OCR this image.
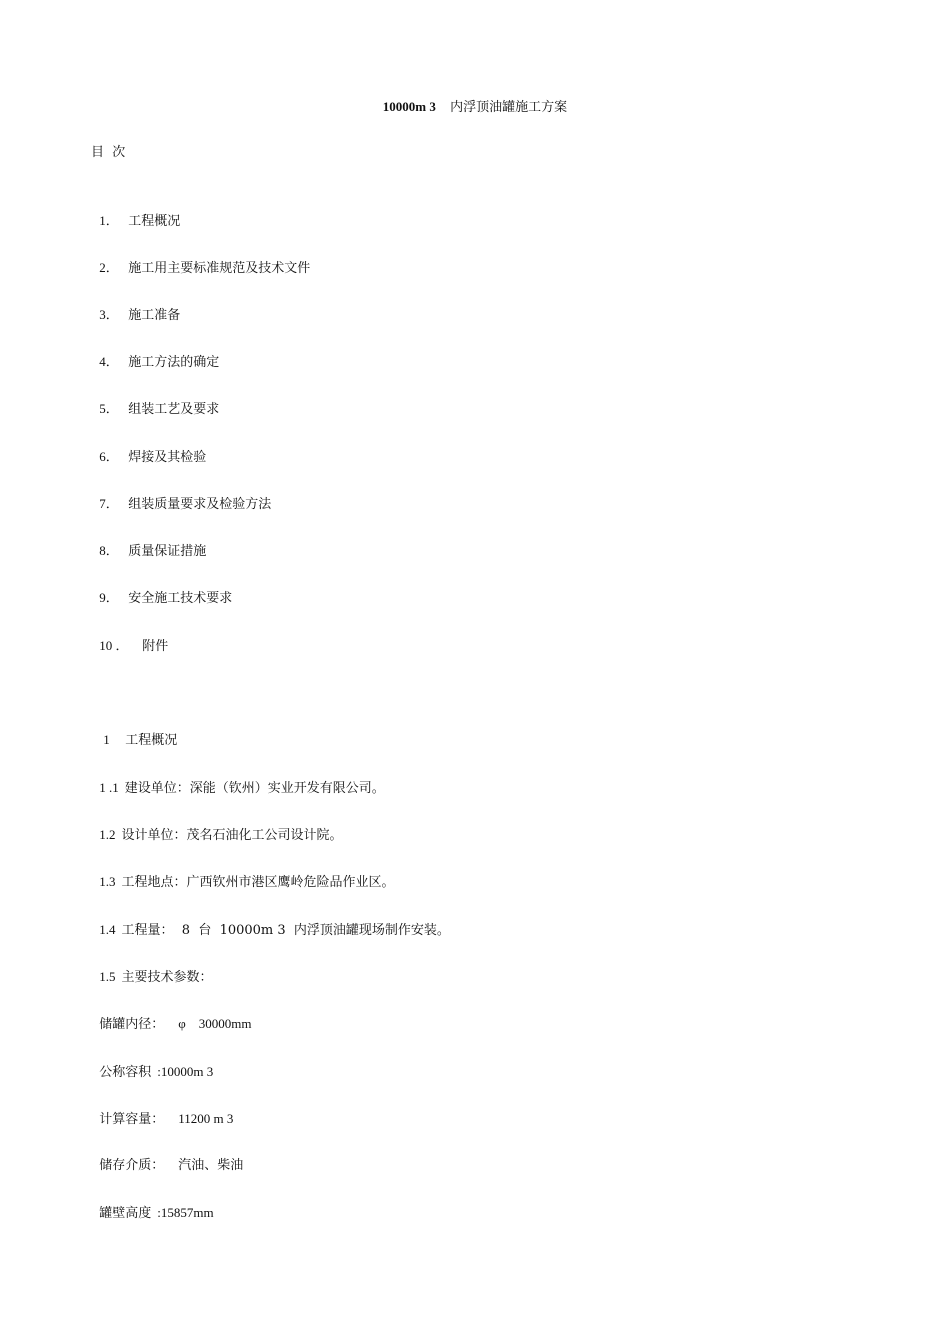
10000m 3 内浮顶油罐施工方案
目  次

1． 工程概况

2． 施工用主要标准规范及技术文件

3． 施工准备

4． 施工方法的确定

5． 组装工艺及要求

6． 焊接及其检验

7． 组装质量要求及检验方法

8． 质量保证措施

9． 安全施工技术要求

10 ． 附件

1 工程概况

1 .1 建设单位：深能（钦州）实业开发有限公司。

1.2 设计单位：茂名石油化工公司设计院。

1.3 工程地点：广西钦州市港区鹰岭危险品作业区。

1.4 工程量：  8  台  10000m 3  内浮顶油罐现场制作安装。

1.5 主要技术参数：

储罐内径： φ    30000mm

公称容积 :10000m 3

计算容量： 11200 m 3

储存介质： 汽油、柴油

罐壁高度 :15857mm
